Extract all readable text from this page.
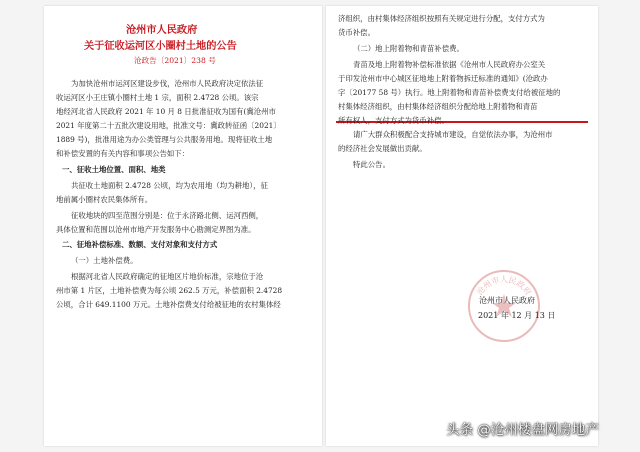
沧州市人民政府
关于征收运河区小圈村土地的公告
沧政告〔2021〕238 号
为加快沧州市运河区建设步伐，沧州市人民政府决定依法征
收运河区小王庄镇小圈村土地 1 宗，面积 2.4728 公顷。该宗
地经河北省人民政府 2021 年 10 月 8 日批准征收为国有(冀沧州市
2021 年度第二十五批次建设用地，批准文号：冀政转征函〔2021〕
1889 号)，批准用途为办公类管理与公共服务用地。现将征收土地
和补偿安置的有关内容和事项公告如下：
一、征收土地位置、面积、地类
共征收土地面积 2.4728 公顷，均为农用地（均为耕地），征
地前属小圈村农民集体所有。
征收地块的四至范围分别是：位于永济路北侧、运河西侧，
具体位置和范围以沧州市地产开发服务中心勘测定界图为准。
二、征地补偿标准、数额、支付对象和支付方式
（一）土地补偿费。
根据河北省人民政府确定的征地区片地价标准，宗地位于沧
州市第 1 片区，土地补偿费为每公顷 262.5 万元，补偿面积 2.4728
公顷，合计 649.1100 万元。土地补偿费支付给被征地的农村集体经
济组织，由村集体经济组织按照有关规定进行分配，支付方式为
货币补偿。
（二）地上附着物和青苗补偿费。
青苗及地上附着物补偿标准依据《沧州市人民政府办公室关
于印发沧州市中心城区征地地上附着物拆迁标准的通知》(沧政办
字〔20177 58 号）执行。地上附着物和青苗补偿费支付给被征地的
村集体经济组织，由村集体经济组织分配给地上附着物和青苗
所有权人，支付方式为货币补偿。
请广大群众积极配合支持城市建设，自觉依法办事，为沧州市
的经济社会发展做出贡献。
特此公告。
沧州市人民政府
沧州市人民政府
2021 年 12 月 13 日
头条 @沧州楼盘网房地产
